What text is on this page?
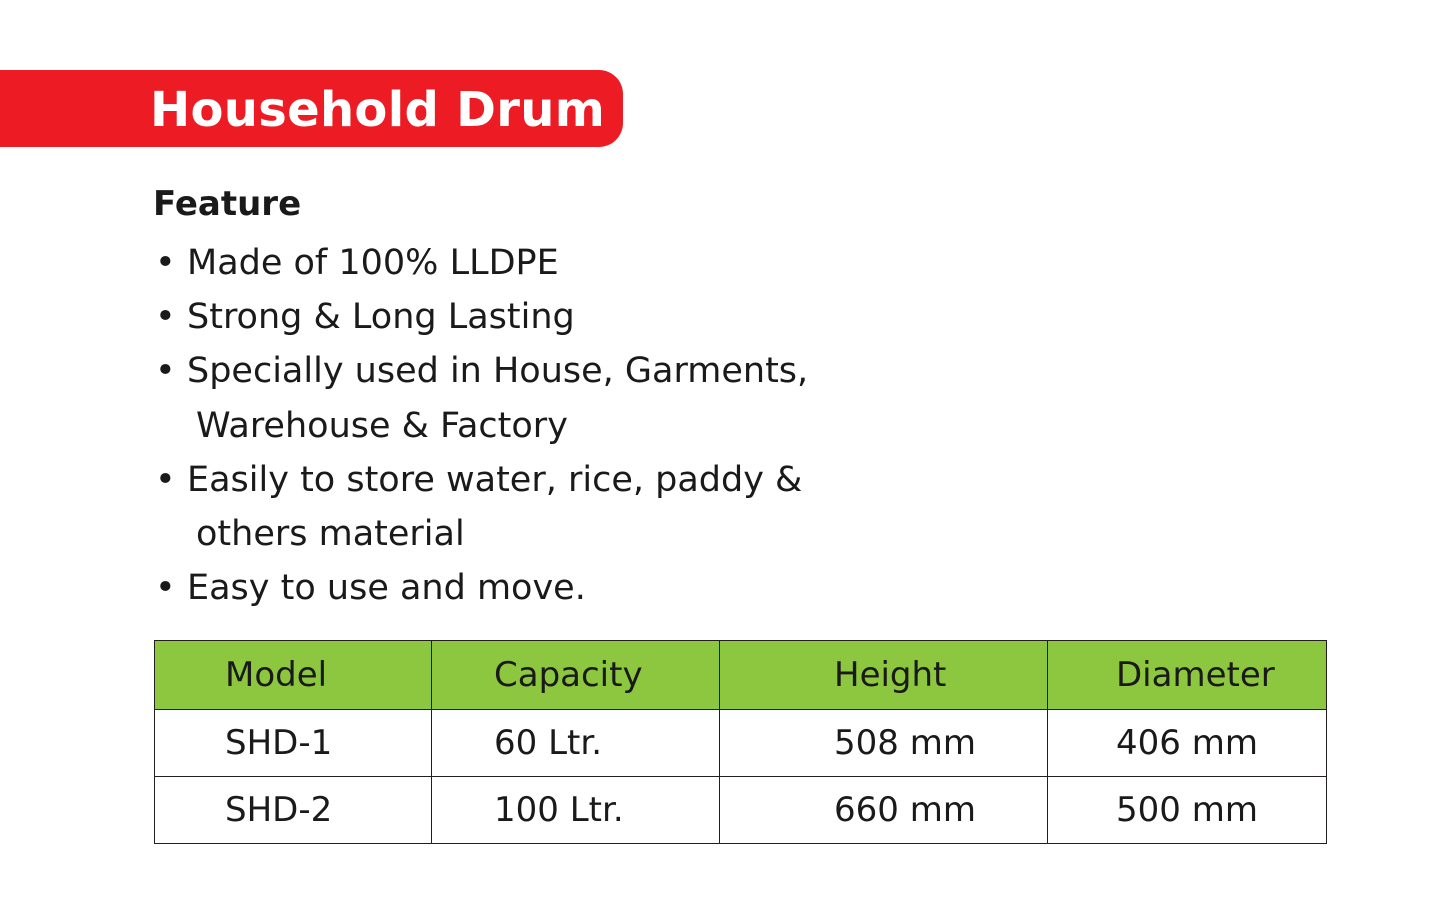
Household Drum
Feature
• Made of 100% LLDPE
• Strong & Long Lasting
• Specially used in House, Garments,
Warehouse & Factory
• Easily to store water, rice, paddy &
others material
• Easy to use and move.
Model	Capacity	Height	Diameter
SHD-1	60 Ltr.	508 mm	406 mm
SHD-2	100 Ltr.	660 mm	500 mm
